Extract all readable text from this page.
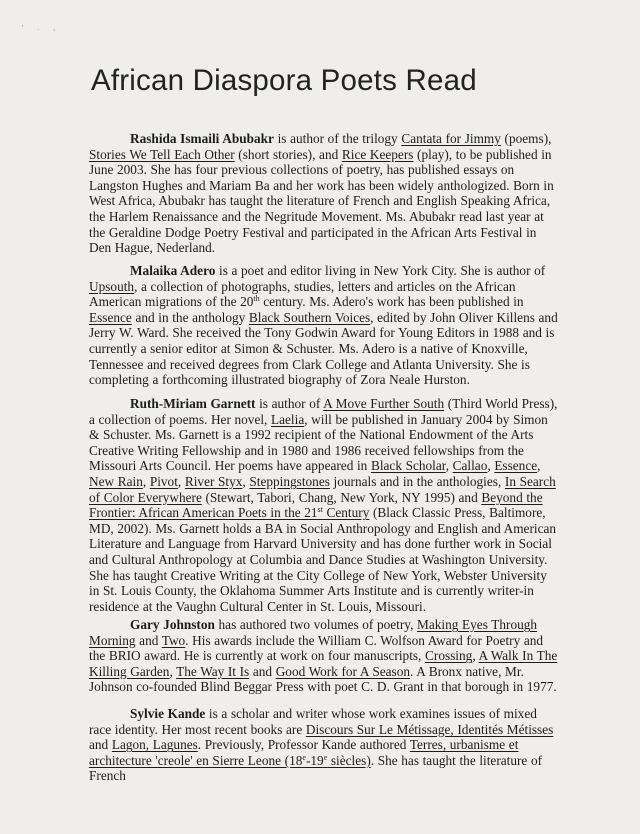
' . ,
African Diaspora Poets Read

Rashida Ismaili Abubakr is author of the trilogy Cantata for Jimmy (poems), Stories We Tell Each Other (short stories), and Rice Keepers (play), to be published in June 2003. She has four previous collections of poetry, has published essays on Langston Hughes and Mariam Ba and her work has been widely anthologized. Born in West Africa, Abubakr has taught the literature of French and English Speaking Africa, the Harlem Renaissance and the Negritude Movement. Ms. Abubakr read last year at the Geraldine Dodge Poetry Festival and participated in the African Arts Festival in Den Hague, Nederland.

Malaika Adero is a poet and editor living in New York City. She is author of Upsouth, a collection of photographs, studies, letters and articles on the African American migrations of the 20th century. Ms. Adero's work has been published in Essence and in the anthology Black Southern Voices, edited by John Oliver Killens and Jerry W. Ward. She received the Tony Godwin Award for Young Editors in 1988 and is currently a senior editor at Simon & Schuster. Ms. Adero is a native of Knoxville, Tennessee and received degrees from Clark College and Atlanta University. She is completing a forthcoming illustrated biography of Zora Neale Hurston.

Ruth-Miriam Garnett is author of A Move Further South (Third World Press), a collection of poems. Her novel, Laelia, will be published in January 2004 by Simon & Schuster. Ms. Garnett is a 1992 recipient of the National Endowment of the Arts Creative Writing Fellowship and in 1980 and 1986 received fellowships from the Missouri Arts Council. Her poems have appeared in Black Scholar, Callao, Essence, New Rain, Pivot, River Styx, Steppingstones journals and in the anthologies, In Search of Color Everywhere (Stewart, Tabori, Chang, New York, NY 1995) and Beyond the Frontier: African American Poets in the 21st Century (Black Classic Press, Baltimore, MD, 2002). Ms. Garnett holds a BA in Social Anthropology and English and American Literature and Language from Harvard University and has done further work in Social and Cultural Anthropology at Columbia and Dance Studies at Washington University. She has taught Creative Writing at the City College of New York, Webster University in St. Louis County, the Oklahoma Summer Arts Institute and is currently writer-in residence at the Vaughn Cultural Center in St. Louis, Missouri.

Gary Johnston has authored two volumes of poetry, Making Eyes Through Morning and Two. His awards include the William C. Wolfson Award for Poetry and the BRIO award. He is currently at work on four manuscripts, Crossing, A Walk In The Killing Garden, The Way It Is and Good Work for A Season. A Bronx native, Mr. Johnson co-founded Blind Beggar Press with poet C. D. Grant in that borough in 1977.

Sylvie Kande is a scholar and writer whose work examines issues of mixed race identity. Her most recent books are Discours Sur Le Métissage, Identités Métisses and Lagon, Lagunes. Previously, Professor Kande authored Terres, urbanisme et architecture 'creole' en Sierre Leone (18e-19e siècles). She has taught the literature of French
